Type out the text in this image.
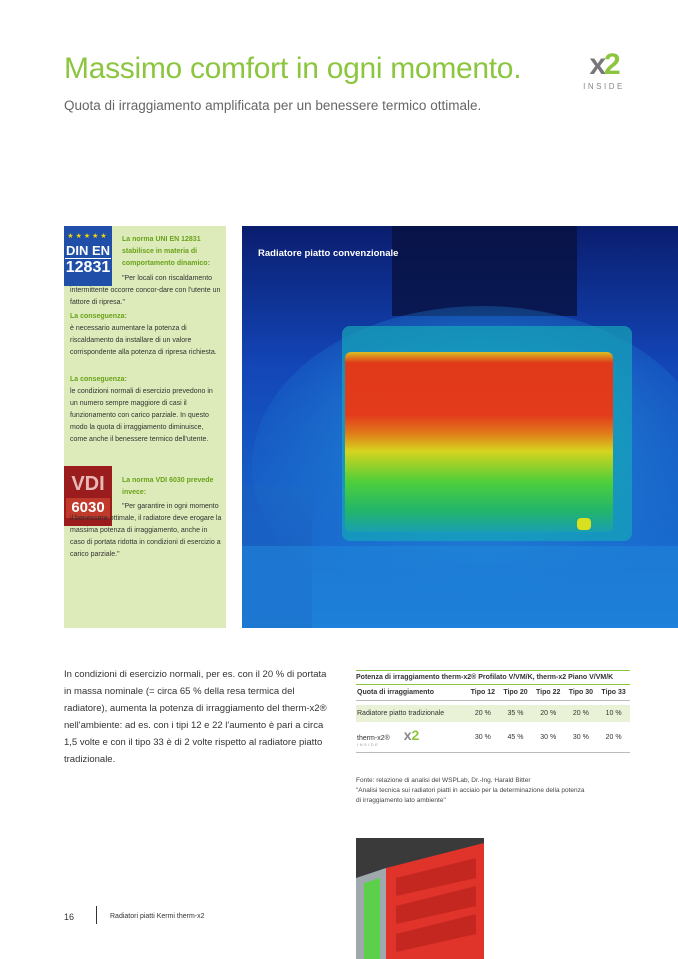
Massimo comfort in ogni momento.
Quota di irraggiamento amplificata per un benessere termico ottimale.
x2
INSIDE
★★★★★
DIN EN
12831
La norma UNI EN 12831 stabilisce in materia di comportamento dinamico:
"Per locali con riscaldamento intermittente occorre concor-dare con l'utente un fattore di ripresa."
La conseguenza:
è necessario aumentare la potenza di riscaldamento da installare di un valore corrispondente alla potenza di ripresa richiesta.
La conseguenza:
le condizioni normali di esercizio prevedono in un numero sempre maggiore di casi il funzionamento con carico parziale. In questo modo la quota di irraggiamento diminuisce, come anche il benessere termico dell'utente.
VDI
6030
La norma VDI 6030 prevede invece:
"Per garantire in ogni momento il benessere ottimale, il radiatore deve erogare la massima potenza di irraggiamento, anche in caso di portata ridotta in condizioni di esercizio a carico parziale."
Radiatore piatto convenzionale
In condizioni di esercizio normali, per es. con il 20 % di portata in massa nominale (= circa 65 % della resa termica del radiatore), aumenta la potenza di irraggiamento del therm-x2® nell'ambiente: ad es. con i tipi 12 e 22 l'aumento è pari a circa 1,5 volte e con il tipo 33 è di 2 volte rispetto al radiatore piatto tradizionale.
Potenza di irraggiamento therm-x2® Profilato V/VM/K, therm-x2 Piano V/VM/K
Quota di irraggiamento	Tipo 12	Tipo 20	Tipo 22	Tipo 30	Tipo 33

Radiatore piatto tradizionale	20 %	35 %	20 %	20 %	10 %
therm-x2® x2
INSIDE	30 %	45 %	30 %	30 %	20 %
Fonte: relazione di analisi del WSPLab, Dr.-Ing. Harald Bitter
"Analisi tecnica sui radiatori piatti in acciaio per la determinazione della potenza
di irraggiamento lato ambiente"
16	Radiatori piatti Kermi therm-x2
